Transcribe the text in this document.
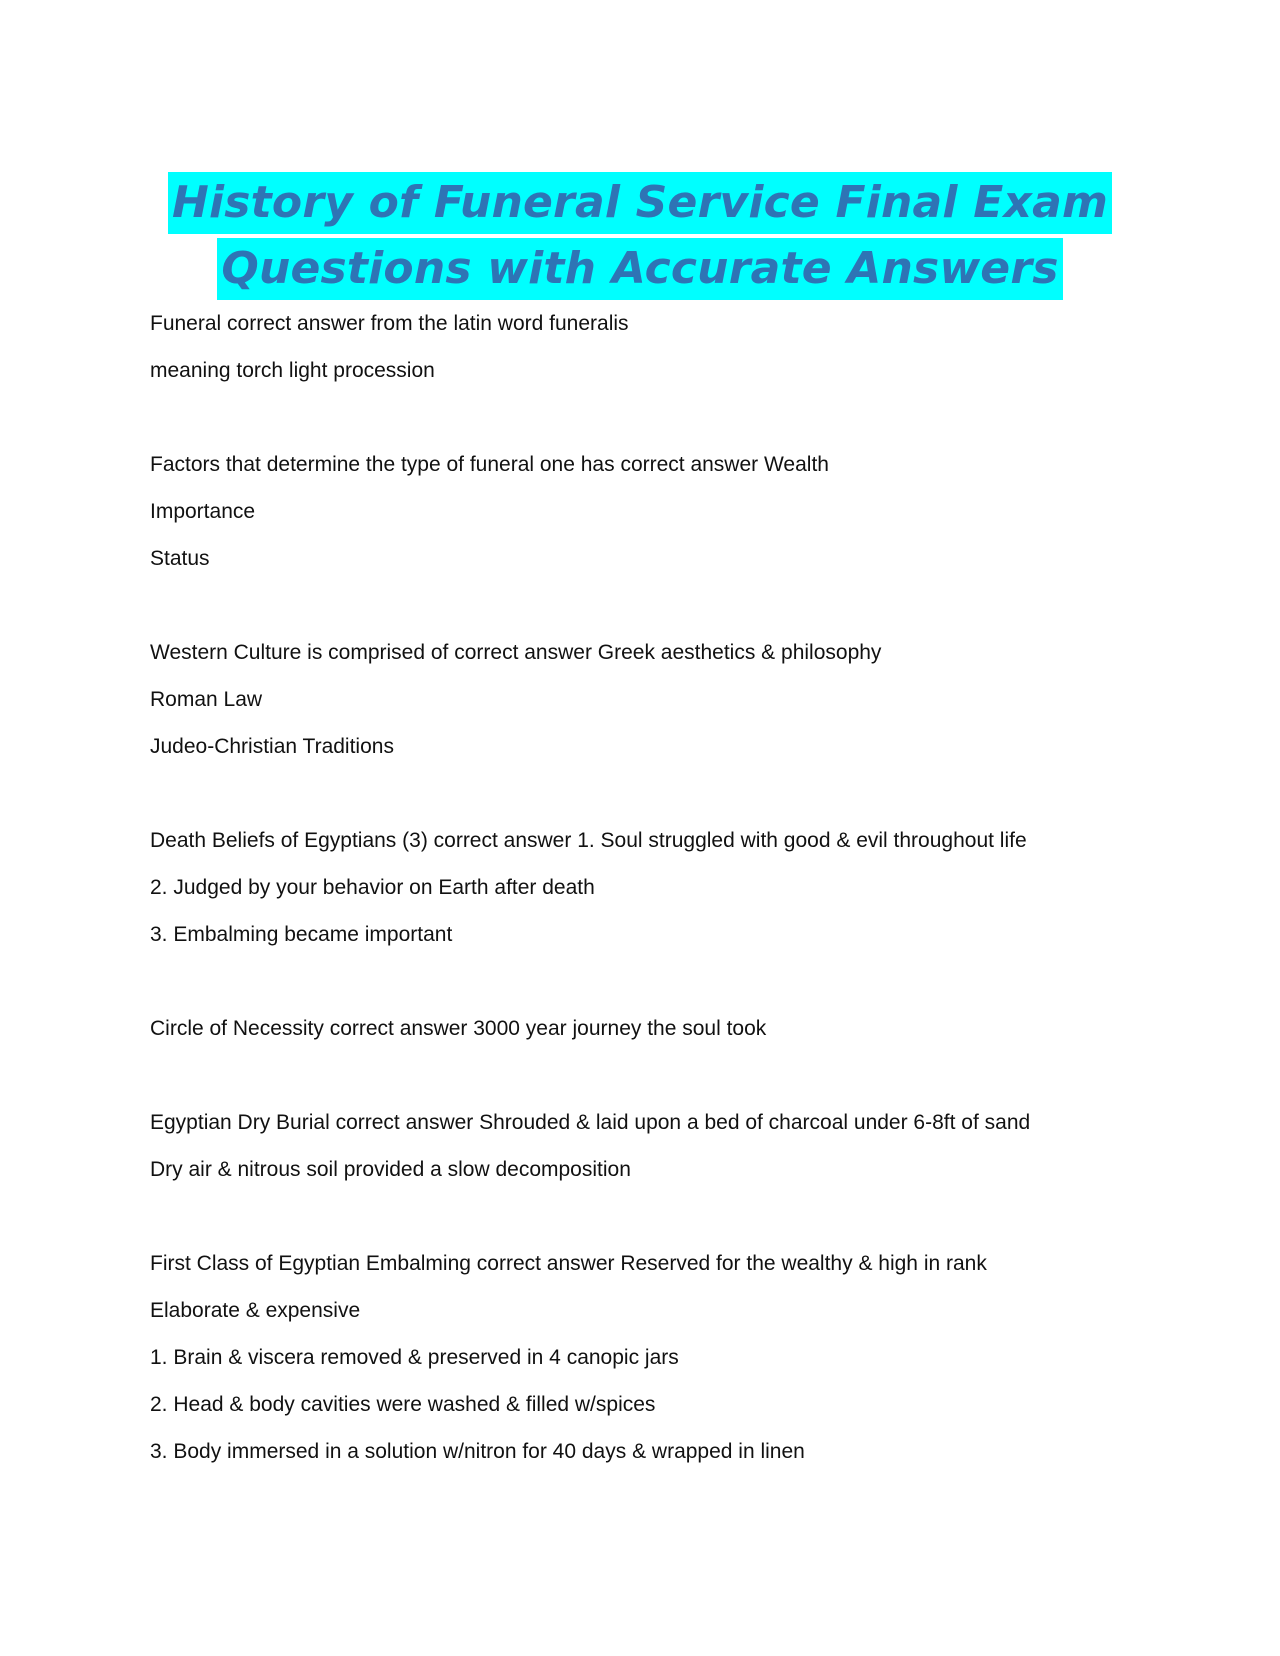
History of Funeral Service Final Exam
Questions with Accurate Answers
Funeral correct answer from the latin word funeralis
meaning torch light procession
Factors that determine the type of funeral one has correct answer Wealth
Importance
Status
Western Culture is comprised of correct answer Greek aesthetics & philosophy
Roman Law
Judeo-Christian Traditions
Death Beliefs of Egyptians (3) correct answer 1. Soul struggled with good & evil throughout life
2. Judged by your behavior on Earth after death
3. Embalming became important
Circle of Necessity correct answer 3000 year journey the soul took
Egyptian Dry Burial correct answer Shrouded & laid upon a bed of charcoal under 6-8ft of sand
Dry air & nitrous soil provided a slow decomposition
First Class of Egyptian Embalming correct answer Reserved for the wealthy & high in rank
Elaborate & expensive
1. Brain & viscera removed & preserved in 4 canopic jars
2. Head & body cavities were washed & filled w/spices
3. Body immersed in a solution w/nitron for 40 days & wrapped in linen
